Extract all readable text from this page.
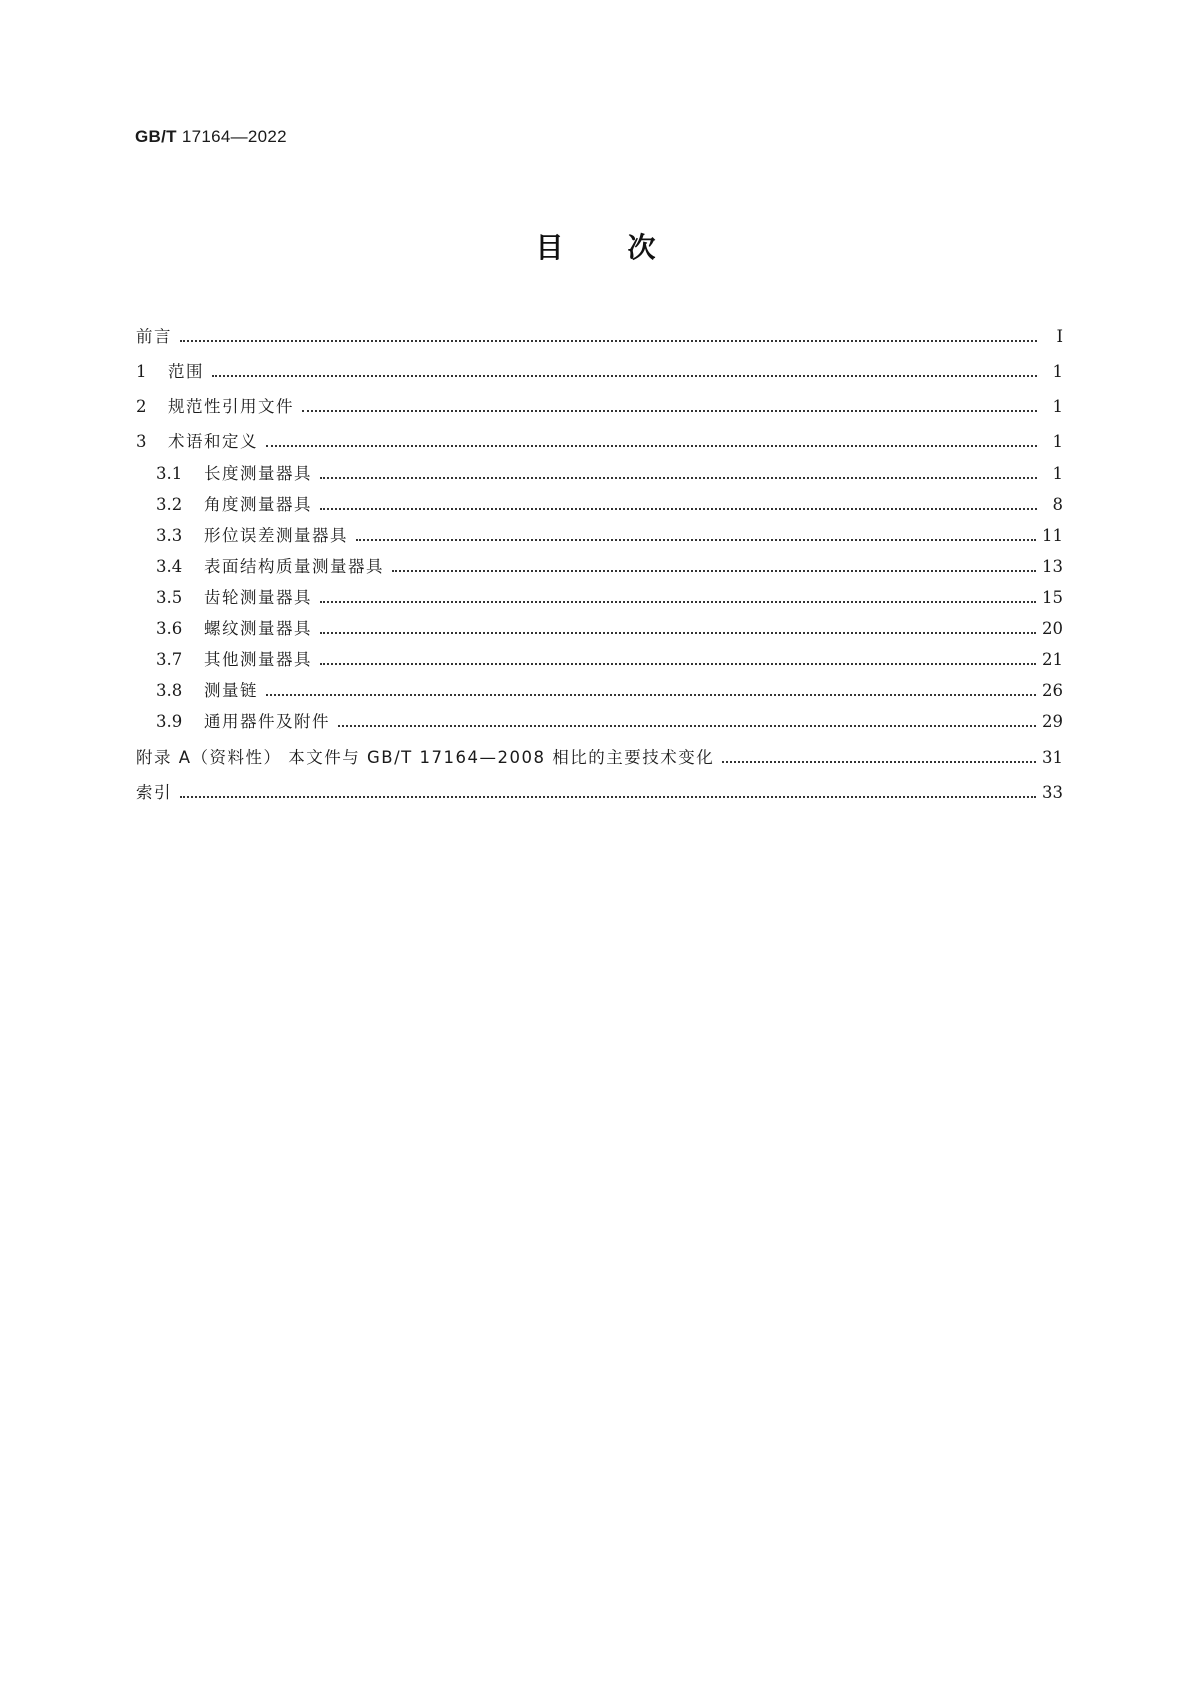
GB/T 17164—2022
目次
前言	Ⅰ
1	范围	1
2	规范性引用文件	1
3	术语和定义	1
3.1	长度测量器具	1
3.2	角度测量器具	8
3.3	形位误差测量器具	11
3.4	表面结构质量测量器具	13
3.5	齿轮测量器具	15
3.6	螺纹测量器具	20
3.7	其他测量器具	21
3.8	测量链	26
3.9	通用器件及附件	29
附录 A（资料性） 本文件与 GB/T 17164—2008 相比的主要技术变化	31
索引	33
